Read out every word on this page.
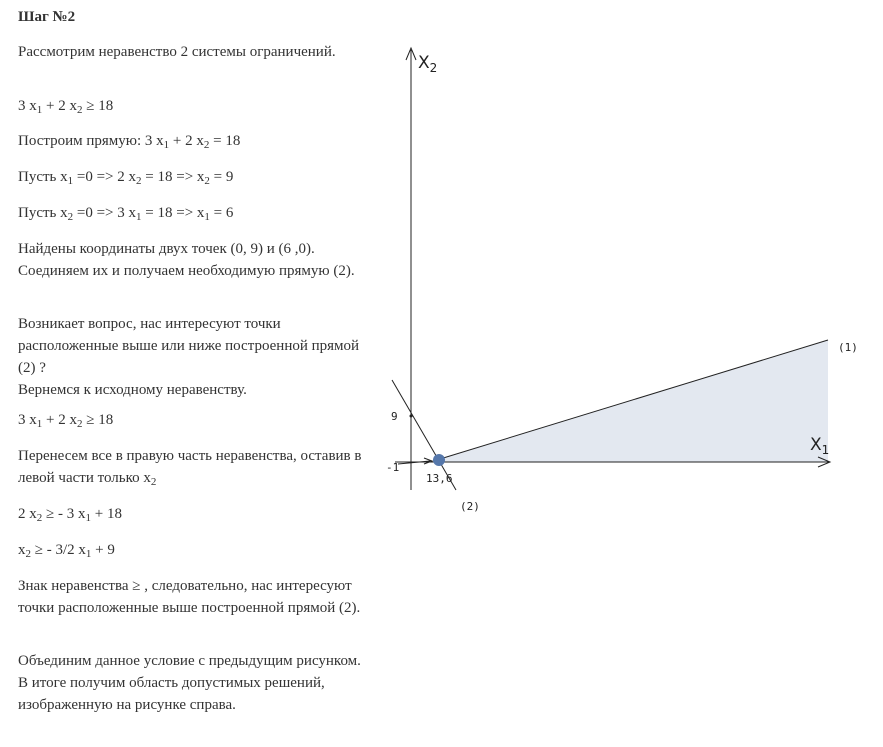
Шаг №2
Рассмотрим неравенство 2 системы ограничений.
3 $x_1 + 2$ $x_2 \ge 18$
Построим прямую: 3 $x_1 + 2$ $x_2 = 18$
Пусть $x_1 =0 => 2$ $x_2 = 18 => x_2 = 9$
Пусть $x_2 =0 => 3$ $x_1 = 18 => x_1 = 6$
Найдены координаты двух точек (0, 9) и (6 ,0). Соединяем их и получаем необходимую прямую (2).
Возникает вопрос, нас интересуют точки расположенные выше или ниже построенной прямой (2) ?
Вернемся к исходному неравенству.
3 $x_1 + 2$ $x_2 \ge 18$
Перенесем все в правую часть неравенства, оставив в левой части только $x_2$
2 $x_2$ ≥ - 3 $x_1 + 18$
$x_2$ ≥ - 3/2 $x_1 + 9$
Знак неравенства ≥ , следовательно, нас интересуют точки расположенные выше построенной прямой (2).
Объединим данное условие с предыдущим рисунком. В итоге получим область допустимых решений, изображенную на рисунке справа.
$X_2$
$X_1$
(1)
(2)
9
-1
13,6
